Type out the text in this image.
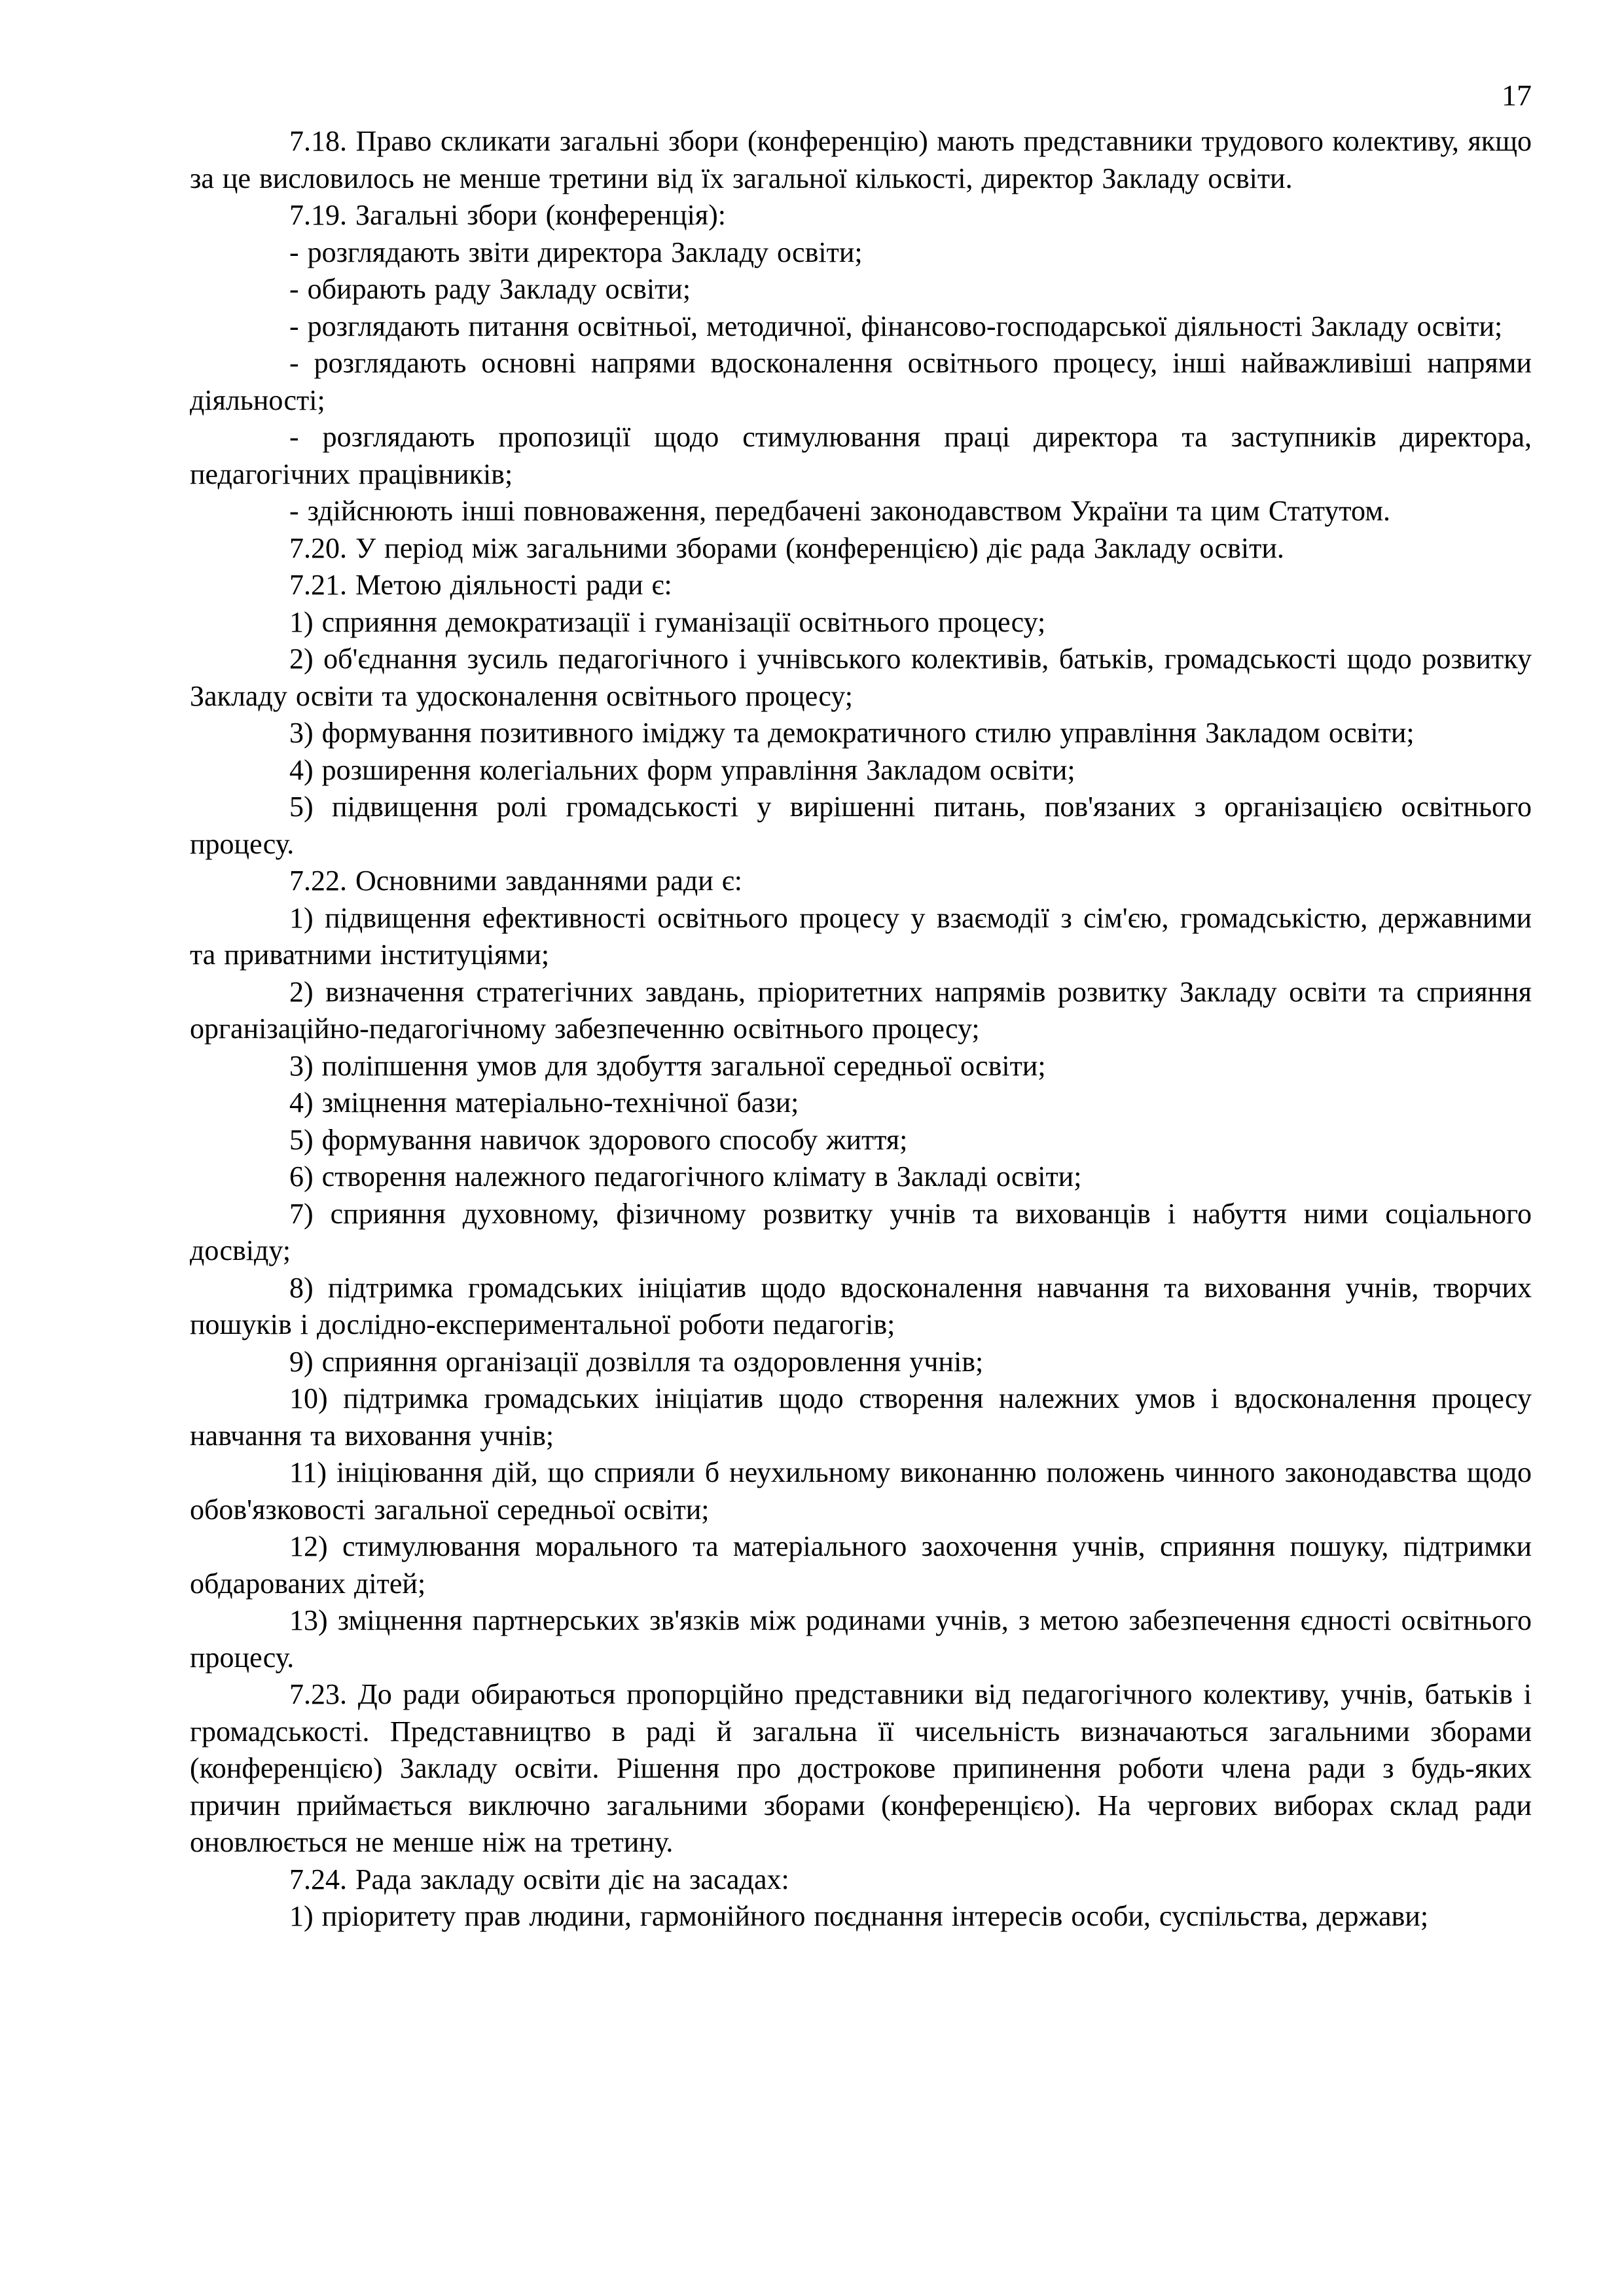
17

7.18. Право скликати загальні збори (конференцію) мають представники трудового колективу, якщо за це висловилось не менше третини від їх загальної кількості, директор Закладу освіти.

7.19. Загальні збори (конференція):

- розглядають звіти директора Закладу освіти;

- обирають раду Закладу освіти;

- розглядають питання освітньої, методичної, фінансово-господарської діяльності Закладу освіти;

- розглядають основні напрями вдосконалення освітнього процесу, інші найважливіші напрями діяльності;

- розглядають пропозиції щодо стимулювання праці директора та заступників директора, педагогічних працівників;

- здійснюють інші повноваження, передбачені законодавством України та цим Статутом.

7.20. У період між загальними зборами (конференцією) діє рада Закладу освіти.

7.21. Метою діяльності ради є:

1) сприяння демократизації і гуманізації освітнього процесу;

2) об'єднання зусиль педагогічного і учнівського колективів, батьків, громадськості щодо розвитку Закладу освіти та удосконалення освітнього процесу;

3) формування позитивного іміджу та демократичного стилю управління Закладом освіти;

4) розширення колегіальних форм управління Закладом освіти;

5) підвищення ролі громадськості у вирішенні питань, пов'язаних з організацією освітнього процесу.

7.22. Основними завданнями ради є:

1) підвищення ефективності освітнього процесу у взаємодії з сім'єю, громадськістю, державними та приватними інституціями;

2) визначення стратегічних завдань, пріоритетних напрямів розвитку Закладу освіти та сприяння організаційно-педагогічному забезпеченню освітнього процесу;

3) поліпшення умов для здобуття загальної середньої освіти;

4) зміцнення матеріально-технічної бази;

5) формування навичок здорового способу життя;

6) створення належного педагогічного клімату в Закладі освіти;

7) сприяння духовному, фізичному розвитку учнів та вихованців і набуття ними соціального досвіду;

8) підтримка громадських ініціатив щодо вдосконалення навчання та виховання учнів, творчих пошуків і дослідно-експериментальної роботи педагогів;

9) сприяння організації дозвілля та оздоровлення учнів;

10) підтримка громадських ініціатив щодо створення належних умов і вдосконалення процесу навчання та виховання учнів;

11) ініціювання дій, що сприяли б неухильному виконанню положень чинного законодавства щодо обов'язковості загальної середньої освіти;

12) стимулювання морального та матеріального заохочення учнів, сприяння пошуку, підтримки обдарованих дітей;

13) зміцнення партнерських зв'язків між родинами учнів, з метою забезпечення єдності освітнього процесу.

7.23. До ради обираються пропорційно представники від педагогічного колективу, учнів, батьків і громадськості. Представництво в раді й загальна її чисельність визначаються загальними зборами (конференцією) Закладу освіти. Рішення про дострокове припинення роботи члена ради з будь-яких причин приймається виключно загальними зборами (конференцією). На чергових виборах склад ради оновлюється не менше ніж на третину.

7.24. Рада закладу освіти діє на засадах:

1) пріоритету прав людини, гармонійного поєднання інтересів особи, суспільства, держави;
